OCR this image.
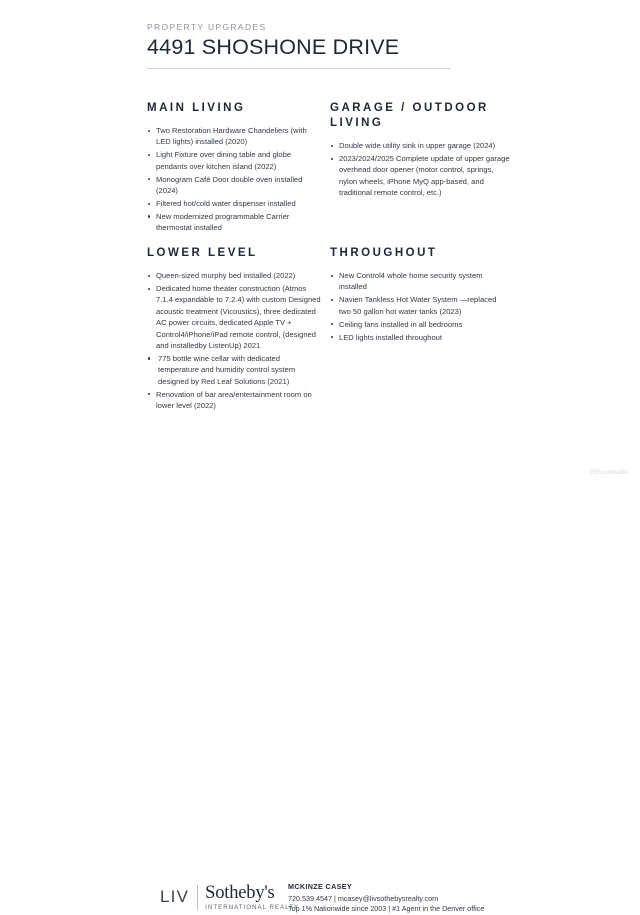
PROPERTY UPGRADES
4491 SHOSHONE DRIVE
MAIN LIVING
Two Restoration Hardware Chandeliers (with LED lights) installed (2020)
Light Fixture over dining table and globe pendants over kitchen island (2022)
Monogram Café Door double oven installed (2024)
Filtered hot/cold water dispenser installed
New modernized programmable Carrier thermostat installed
GARAGE / OUTDOOR LIVING
Double wide utility sink in upper garage (2024)
2023/2024/2025 Complete update of upper garage overhead door opener (motor control, springs, nylon wheels, iPhone MyQ app-based, and traditional remote control, etc.)
LOWER LEVEL
Queen-sized murphy bed installed (2022)
Dedicated home theater construction (Atmos 7.1.4 expandable to 7.2.4) with custom Designed acoustic treatment (Vicoustics), three dedicated AC power circuits, dedicated Apple TV + Control4/iPhone/iPad remote control, (designed and installedby ListenUp) 2021
775 bottle wine cellar with dedicated temperature and humidity control system designed by Red Leaf Solutions (2021)
Renovation of bar area/entertainment room on lower level (2022)
THROUGHOUT
New Control4 whole home security system installed
Navien Tankless Hot Water System —replaced two 50 gallon hot water tanks (2023)
Ceiling fans installed in all bedrooms
LED lights installed throughout
LIV Sotheby's
INTERNATIONAL REALTY
MCKINZE CASEY
720.539.4547 | mcasey@livsothebysrealty.com
Top 1% Nationwide since 2003 | #1 Agent in the Denver office
REcolorado
